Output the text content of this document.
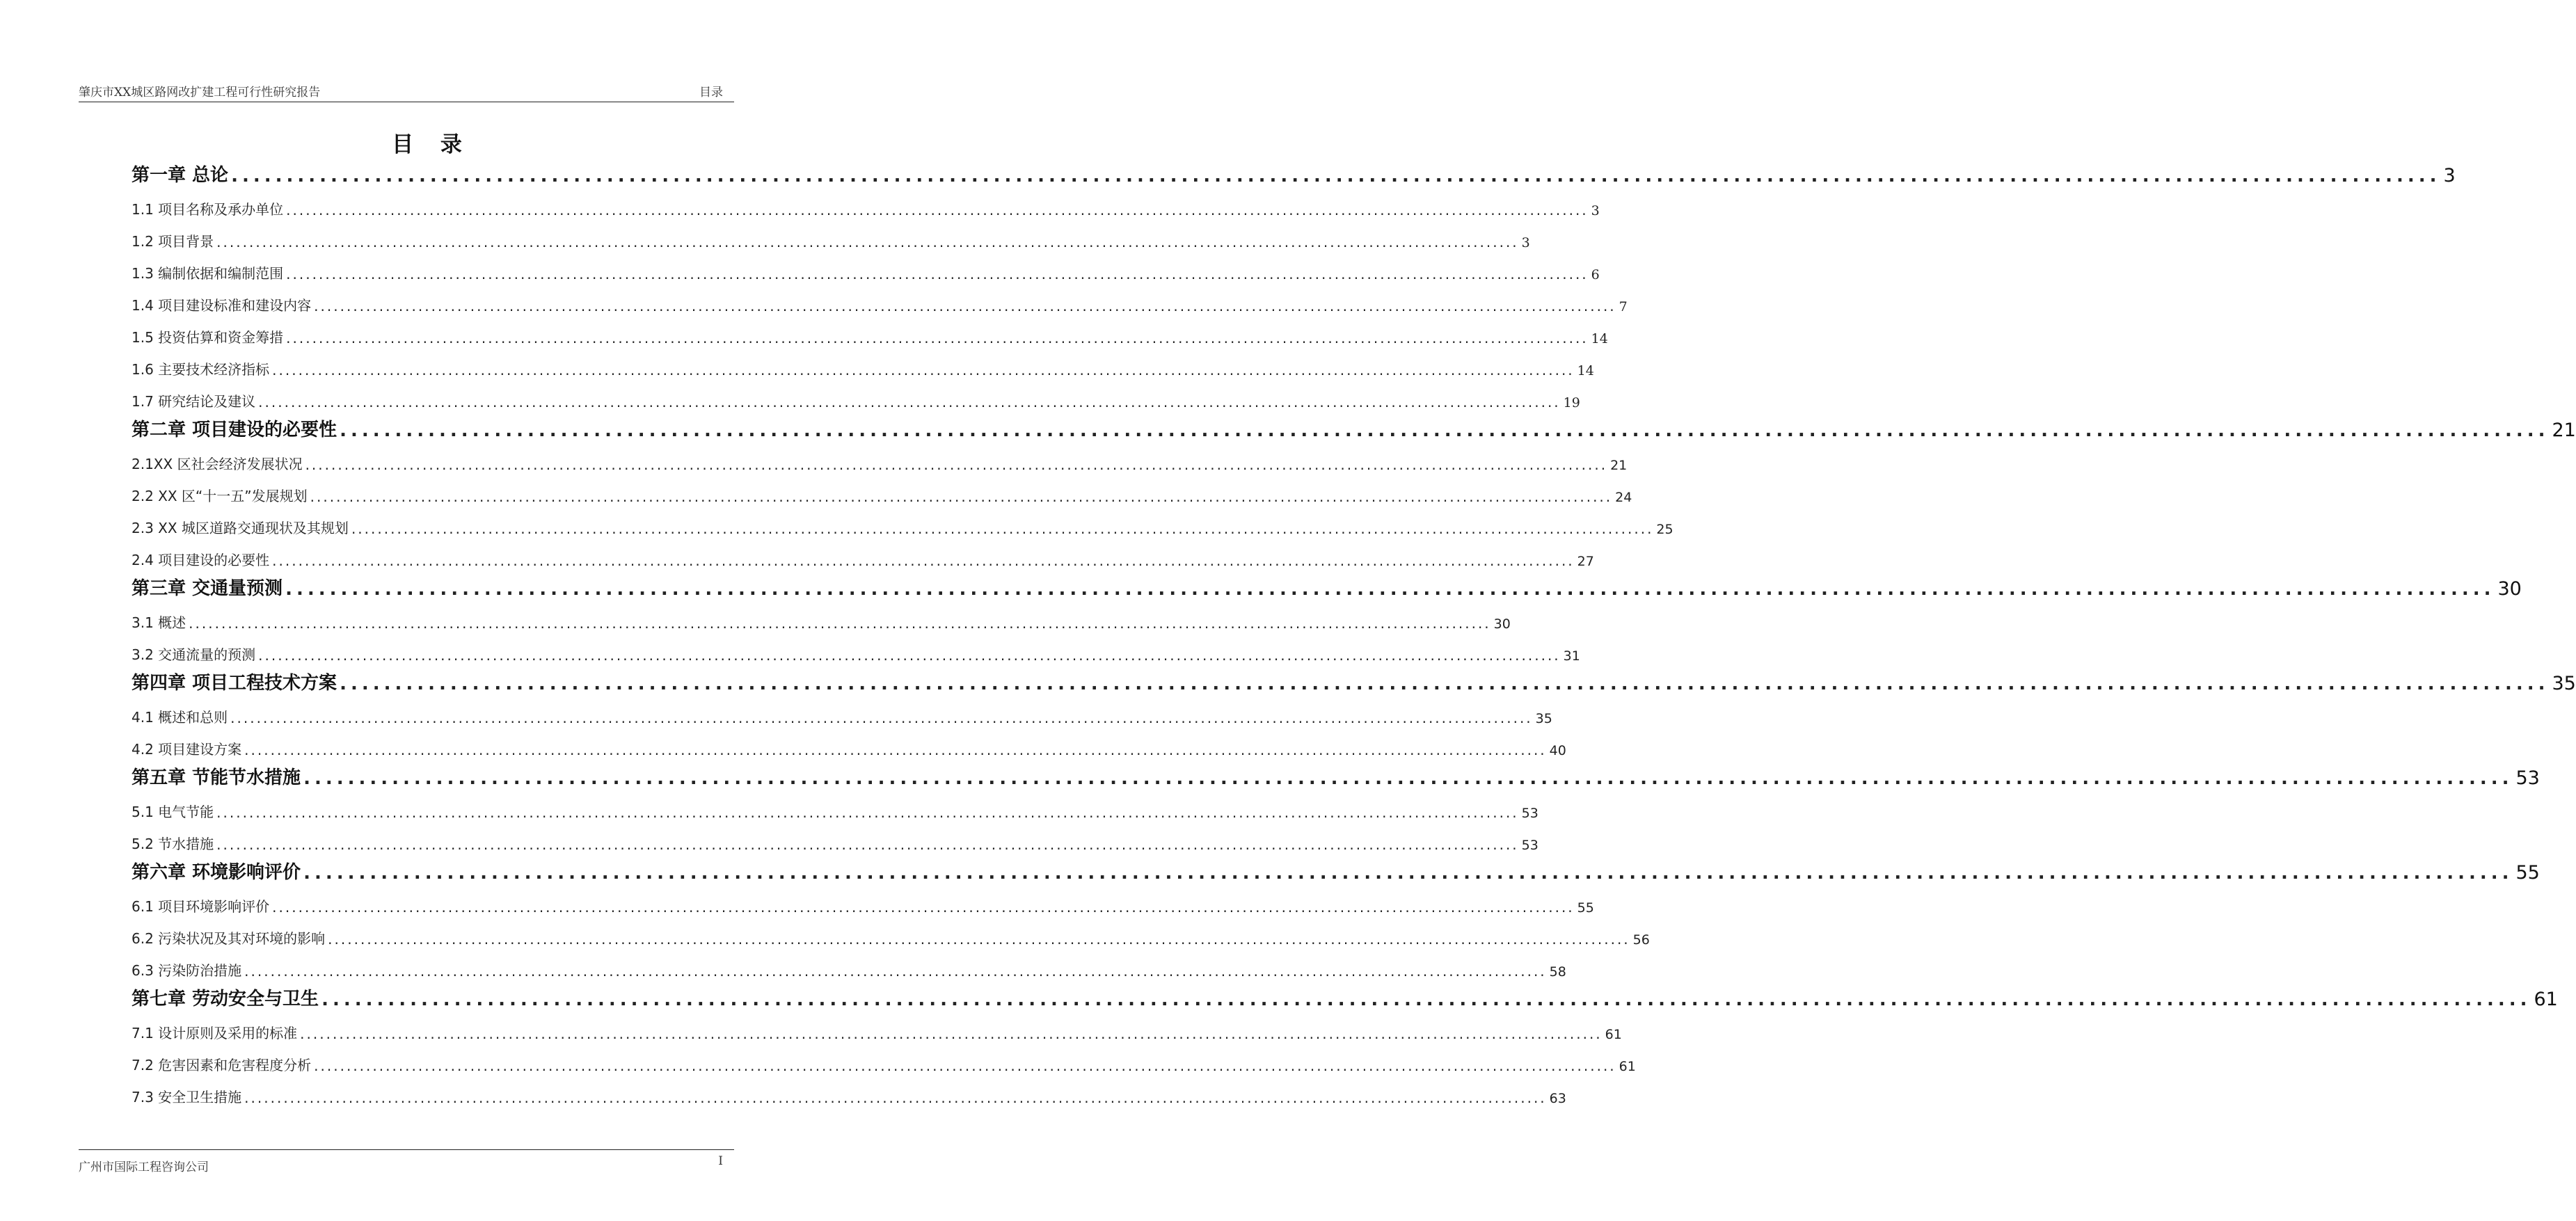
肇庆市XX城区路网改扩建工程可行性研究报告	目录
目 录
第一章 总论 ........................................................................................................................................................................................................ 3
1.1 项目名称及承办单位 ........................................................................................................................................................................................................ 3
1.2 项目背景 ........................................................................................................................................................................................................ 3
1.3 编制依据和编制范围 ........................................................................................................................................................................................................ 6
1.4 项目建设标准和建设内容 ........................................................................................................................................................................................................ 7
1.5 投资估算和资金筹措 ........................................................................................................................................................................................................ 14
1.6 主要技术经济指标 ........................................................................................................................................................................................................ 14
1.7 研究结论及建议 ........................................................................................................................................................................................................ 19
第二章 项目建设的必要性 ........................................................................................................................................................................................................ 21
2.1XX 区社会经济发展状况 ........................................................................................................................................................................................................ 21
2.2 XX 区“十一五”发展规划 ........................................................................................................................................................................................................ 24
2.3 XX 城区道路交通现状及其规划 ........................................................................................................................................................................................................ 25
2.4 项目建设的必要性 ........................................................................................................................................................................................................ 27
第三章 交通量预测 ........................................................................................................................................................................................................ 30
3.1 概述 ........................................................................................................................................................................................................ 30
3.2 交通流量的预测 ........................................................................................................................................................................................................ 31
第四章 项目工程技术方案 ........................................................................................................................................................................................................ 35
4.1 概述和总则 ........................................................................................................................................................................................................ 35
4.2 项目建设方案 ........................................................................................................................................................................................................ 40
第五章 节能节水措施 ........................................................................................................................................................................................................ 53
5.1 电气节能 ........................................................................................................................................................................................................ 53
5.2 节水措施 ........................................................................................................................................................................................................ 53
第六章 环境影响评价 ........................................................................................................................................................................................................ 55
6.1 项目环境影响评价 ........................................................................................................................................................................................................ 55
6.2 污染状况及其对环境的影响 ........................................................................................................................................................................................................ 56
6.3 污染防治措施 ........................................................................................................................................................................................................ 58
第七章 劳动安全与卫生 ........................................................................................................................................................................................................ 61
7.1 设计原则及采用的标准 ........................................................................................................................................................................................................ 61
7.2 危害因素和危害程度分析 ........................................................................................................................................................................................................ 61
7.3 安全卫生措施 ........................................................................................................................................................................................................ 63
广州市国际工程咨询公司	I
